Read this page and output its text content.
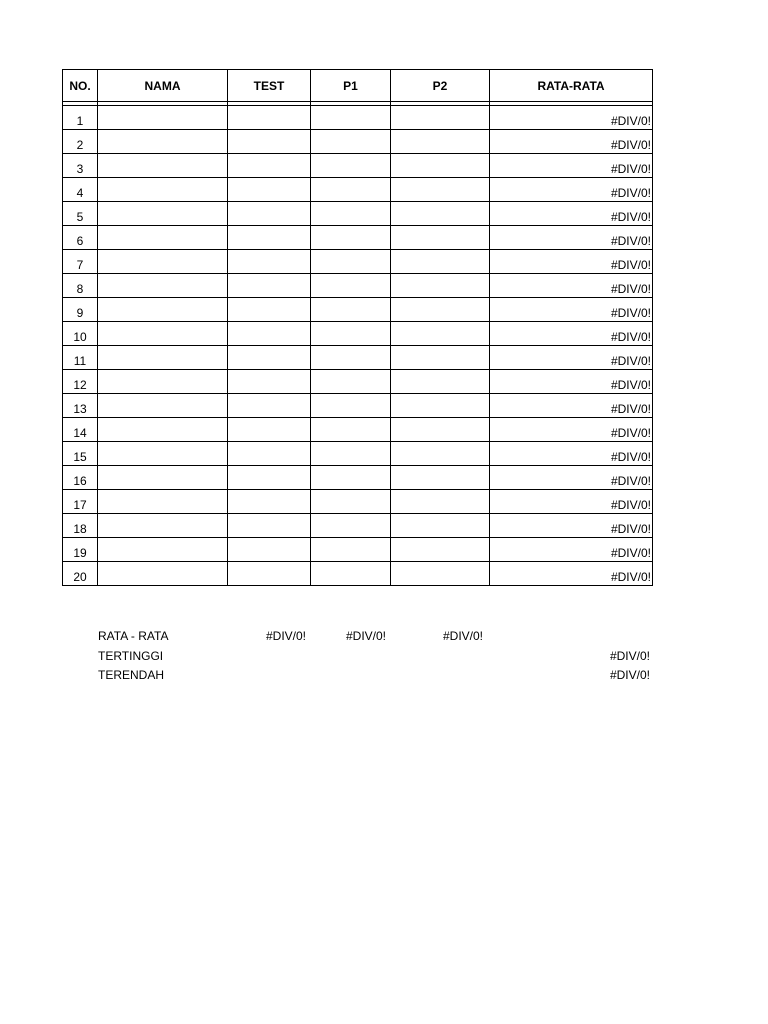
NO.	NAMA	TEST	P1	P2	RATA-RATA

1					#DIV/0!
2					#DIV/0!
3					#DIV/0!
4					#DIV/0!
5					#DIV/0!
6					#DIV/0!
7					#DIV/0!
8					#DIV/0!
9					#DIV/0!
10					#DIV/0!
11					#DIV/0!
12					#DIV/0!
13					#DIV/0!
14					#DIV/0!
15					#DIV/0!
16					#DIV/0!
17					#DIV/0!
18					#DIV/0!
19					#DIV/0!
20					#DIV/0!
RATA - RATA	#DIV/0!	#DIV/0!	#DIV/0!
TERTINGGI	#DIV/0!
TERENDAH	#DIV/0!
